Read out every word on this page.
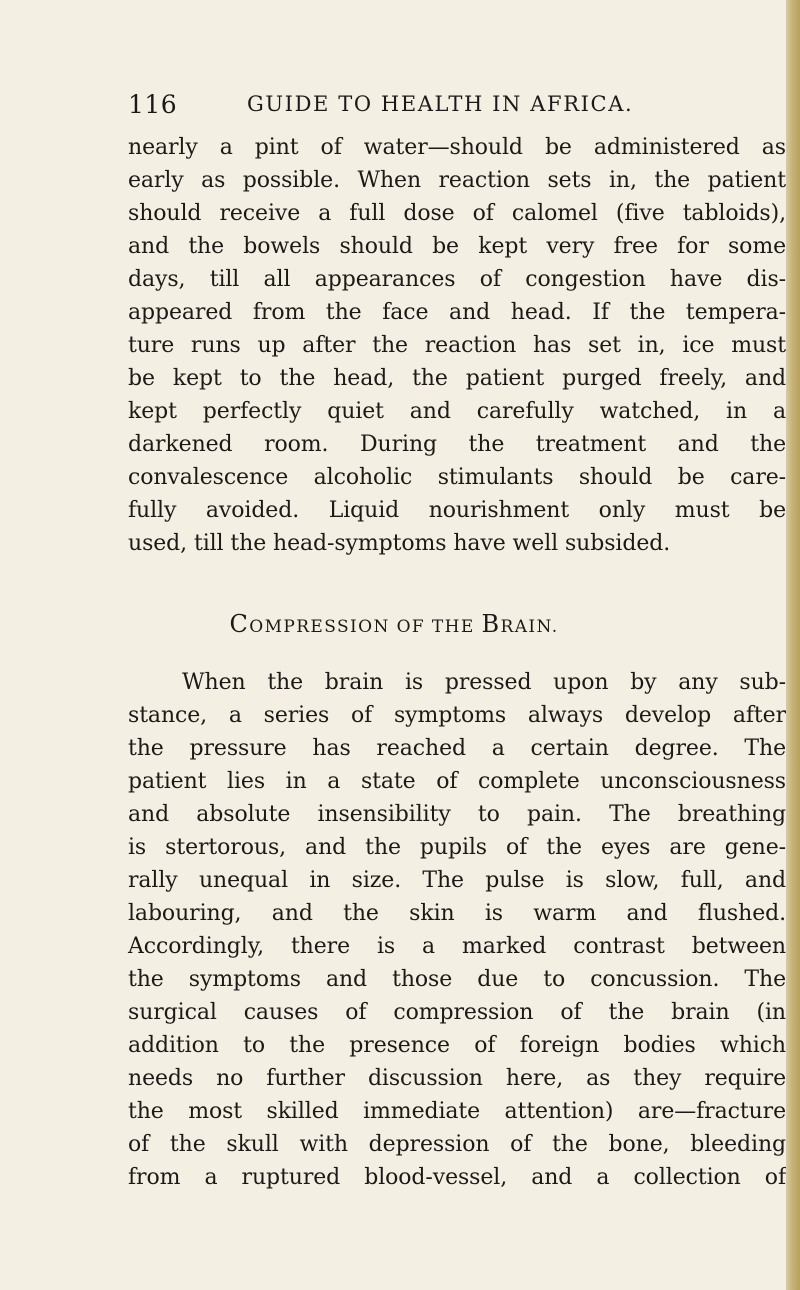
116	GUIDE TO HEALTH IN AFRICA.
nearly a pint of water—should be administered as
early as possible. When reaction sets in, the patient
should receive a full dose of calomel (five tabloids),
and the bowels should be kept very free for some
days, till all appearances of congestion have dis-
appeared from the face and head. If the tempera-
ture runs up after the reaction has set in, ice must
be kept to the head, the patient purged freely, and
kept perfectly quiet and carefully watched, in a
darkened room. During the treatment and the
convalescence alcoholic stimulants should be care-
fully avoided. Liquid nourishment only must be
used, till the head-symptoms have well subsided.
COMPRESSION OF THE BRAIN.
When the brain is pressed upon by any sub-
stance, a series of symptoms always develop after
the pressure has reached a certain degree. The
patient lies in a state of complete unconsciousness
and absolute insensibility to pain. The breathing
is stertorous, and the pupils of the eyes are gene-
rally unequal in size. The pulse is slow, full, and
labouring, and the skin is warm and flushed.
Accordingly, there is a marked contrast between
the symptoms and those due to concussion. The
surgical causes of compression of the brain (in
addition to the presence of foreign bodies which
needs no further discussion here, as they require
the most skilled immediate attention) are—fracture
of the skull with depression of the bone, bleeding
from a ruptured blood-vessel, and a collection of
